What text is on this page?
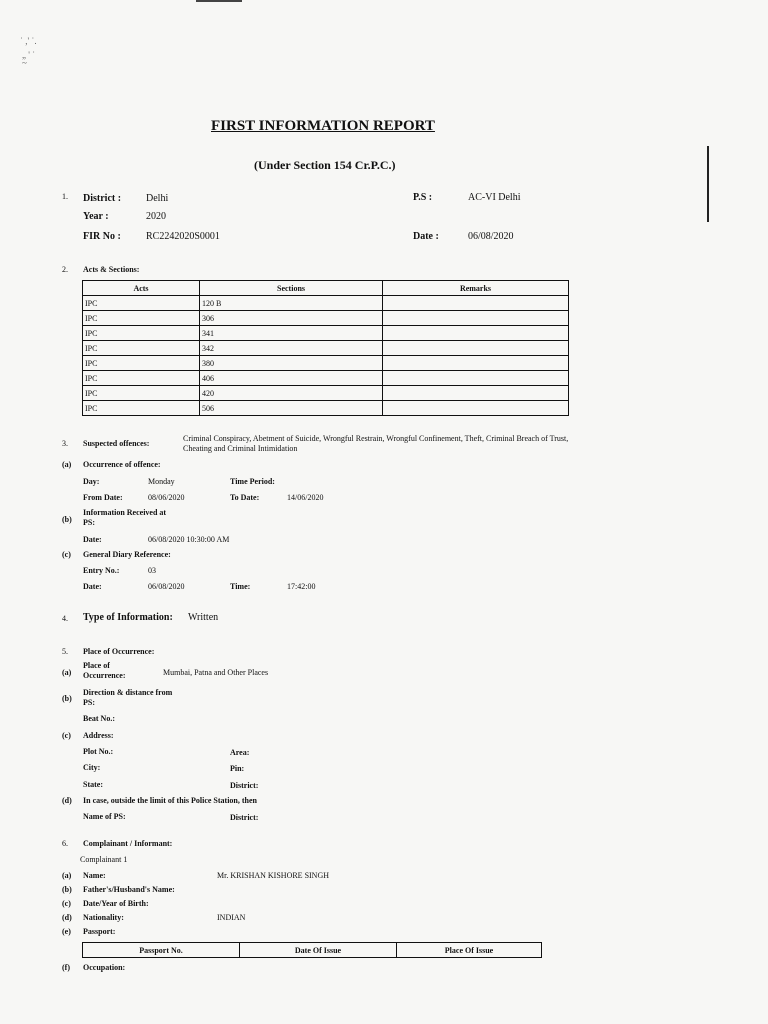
˙ ,' ˙.
„ ' ˙
~
FIRST INFORMATION REPORT
(Under Section 154 Cr.P.C.)
1. District : Delhi	P.S :	AC-VI Delhi
Year :	2020
FIR No :	RC2242020S0001	Date :	06/08/2020
2. Acts & Sections:
Acts	Sections	Remarks
IPC	120 B	
IPC	306	
IPC	341	
IPC	342	
IPC	380	
IPC	406	
IPC	420	
IPC	506	
3. Suspected offences:
Criminal Conspiracy, Abetment of Suicide, Wrongful Restrain, Wrongful Confinement, Theft, Criminal Breach of Trust,
Cheating and Criminal Intimidation
(a) Occurrence of offence:
Day:	Monday	Time Period:
From Date:	08/06/2020	To Date:	14/06/2020
(b)
Information Received at
PS:
Date:	06/08/2020 10:30:00 AM
(c) General Diary Reference:
Entry No.:	03
Date:	06/08/2020	Time:	17:42:00
4. Type of Information: Written
5. Place of Occurrence:
(a)
Place of
Occurrence:	Mumbai, Patna and Other Places
(b)
Direction & distance from
PS:
Beat No.:
(c) Address:
Plot No.:	Area:
City:	Pin:
State:	District:
(d) In case, outside the limit of this Police Station, then
Name of PS:	District:
6. Complainant / Informant:
Complainant 1
(a) Name:	Mr. KRISHAN KISHORE SINGH
(b) Father's/Husband's Name:
(c) Date/Year of Birth:
(d) Nationality:	INDIAN
(e) Passport:
Passport No.	Date Of Issue	Place Of Issue
(f) Occupation:
